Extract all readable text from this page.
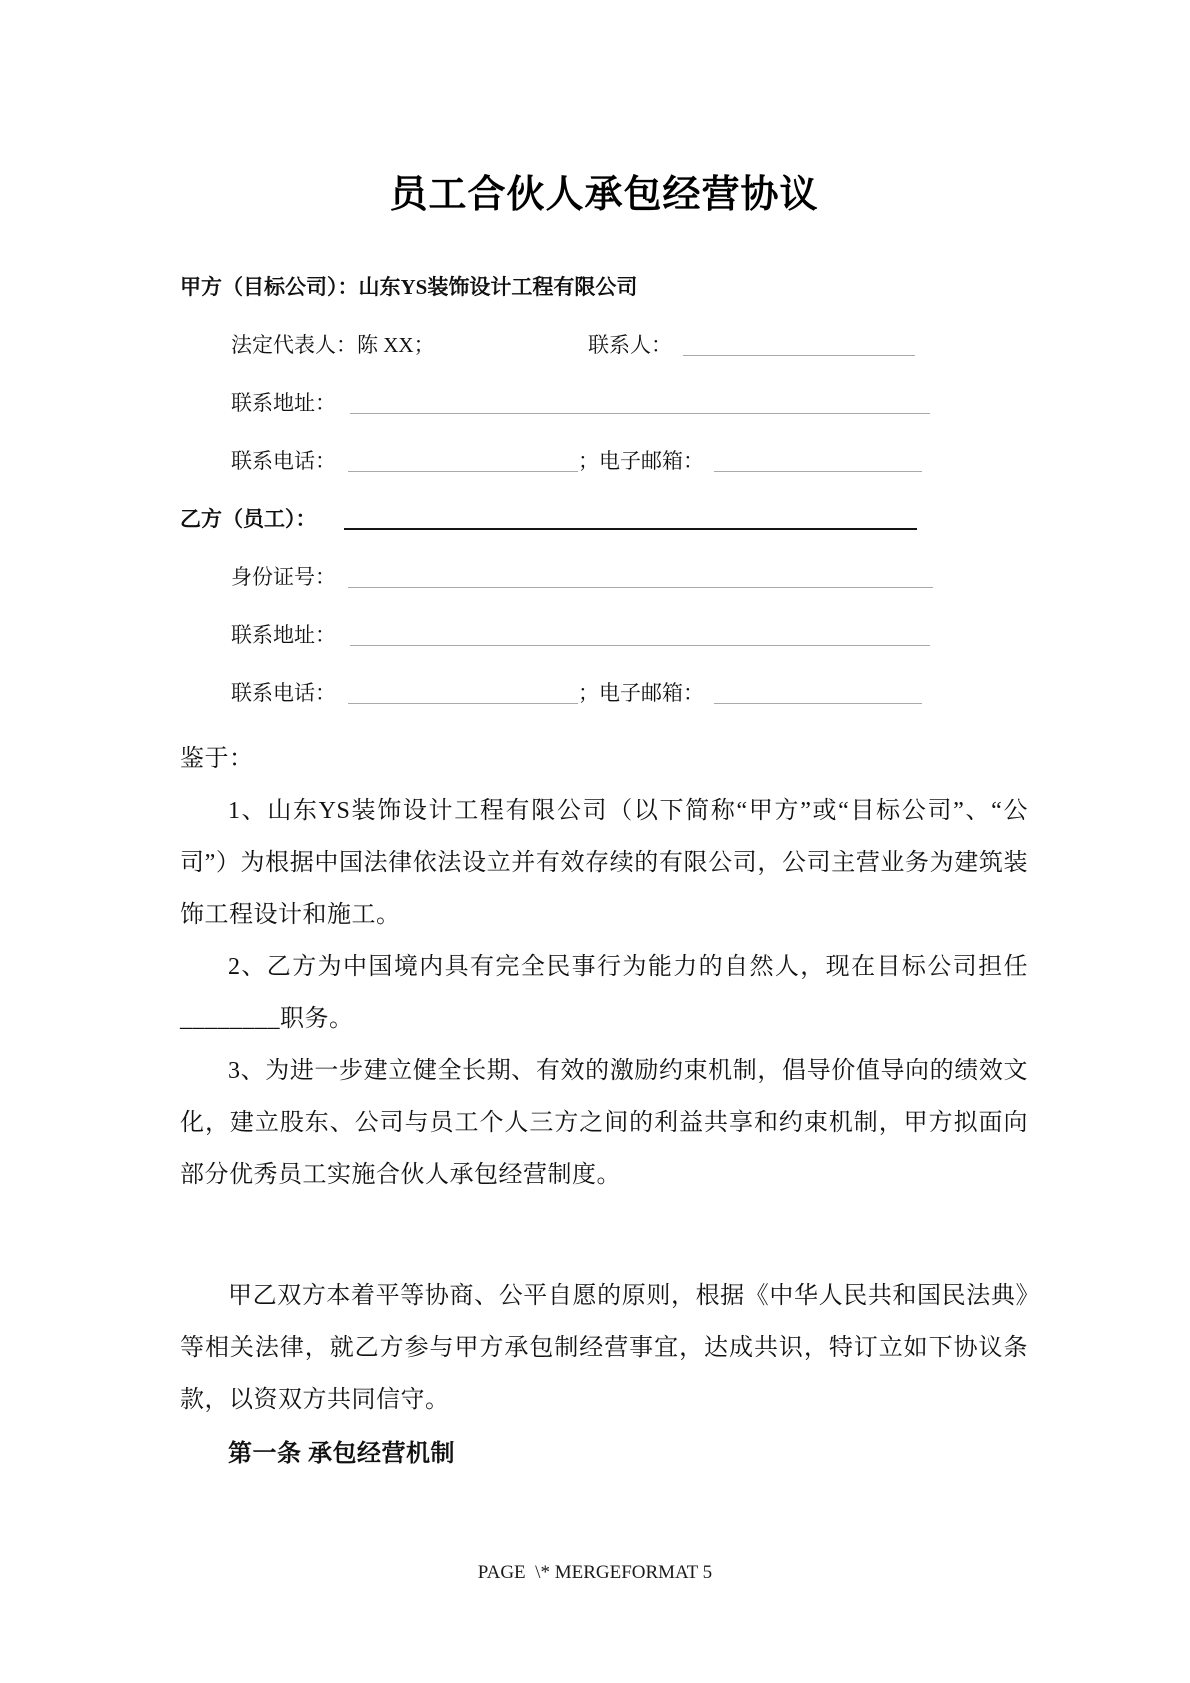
员工合伙人承包经营协议
甲方（目标公司）：山东YS装饰设计工程有限公司
法定代表人：陈 XX；	联系人：
联系地址：
联系电话：	；电子邮箱：
乙方（员工）：
身份证号：
联系地址：
联系电话：	；电子邮箱：
鉴于：
1、山东YS装饰设计工程有限公司（以下简称“甲方”或“目标公司”、“公司”）为根据中国法律依法设立并有效存续的有限公司，公司主营业务为建筑装饰工程设计和施工。
2、乙方为中国境内具有完全民事行为能力的自然人，现在目标公司担任________职务。
3、为进一步建立健全长期、有效的激励约束机制，倡导价值导向的绩效文化，建立股东、公司与员工个人三方之间的利益共享和约束机制，甲方拟面向部分优秀员工实施合伙人承包经营制度。
甲乙双方本着平等协商、公平自愿的原则，根据《中华人民共和国民法典》等相关法律，就乙方参与甲方承包制经营事宜，达成共识，特订立如下协议条款，以资双方共同信守。
第一条 承包经营机制
PAGE  \* MERGEFORMAT 5
